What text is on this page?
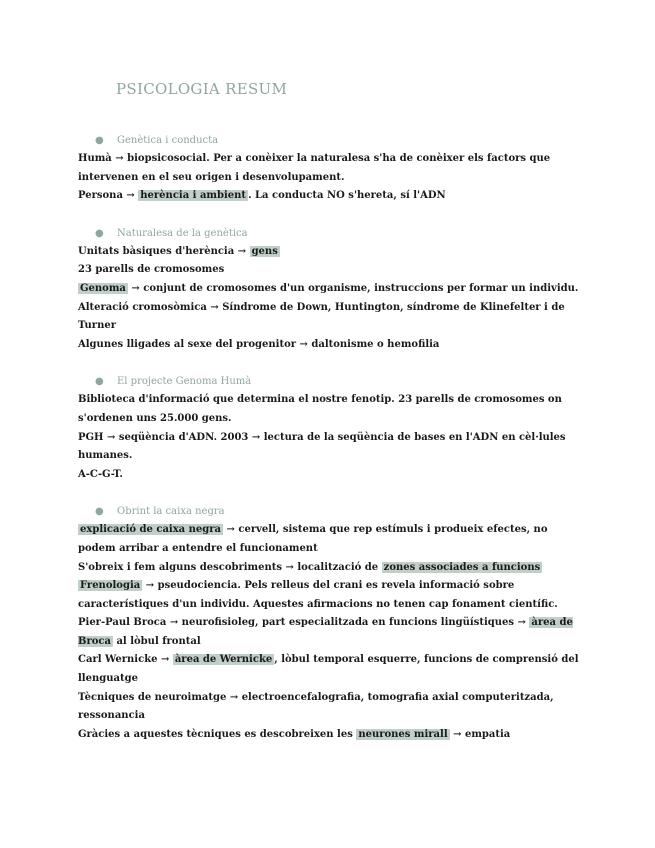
PSICOLOGIA RESUM

●	Genètica i conducta

Humà → biopsicosocial. Per a conèixer la naturalesa s'ha de conèixer els factors que intervenen en el seu origen i desenvolupament.

Persona → herència i ambient . La conducta NO s'hereta, sí l'ADN

●	Naturalesa de la genètica

Unitats bàsiques d'herència → gens

23 parells de cromosomes

Genoma → conjunt de cromosomes d'un organisme, instruccions per formar un individu.

Alteració cromosòmica → Síndrome de Down, Huntington, síndrome de Klinefelter i de Turner

Algunes lligades al sexe del progenitor → daltonisme o hemofilia

●	El projecte Genoma Humà

Biblioteca d'informació que determina el nostre fenotip. 23 parells de cromosomes on s'ordenen uns 25.000 gens.

PGH → seqüència d'ADN. 2003 → lectura de la seqüència de bases en l'ADN en cèl·lules humanes.

A-C-G-T.

●	Obrint la caixa negra

explicació de caixa negra → cervell, sistema que rep estímuls i produeix efectes, no podem arribar a entendre el funcionament

S'obreix i fem alguns descobriments → localització de zones associades a funcions

Frenologia → pseudociencia. Pels relleus del crani es revela informació sobre característiques d'un individu. Aquestes afirmacions no tenen cap fonament científic.

Pier-Paul Broca → neurofisioleg, part especialitzada en funcions lingüístiques → àrea de Broca al lòbul frontal

Carl Wernicke → àrea de Wernicke , lòbul temporal esquerre, funcions de comprensió del llenguatge

Tècniques de neuroimatge → electroencefalografia, tomografia axial computeritzada, ressonancia

Gràcies a aquestes tècniques es descobreixen les neurones mirall → empatia
